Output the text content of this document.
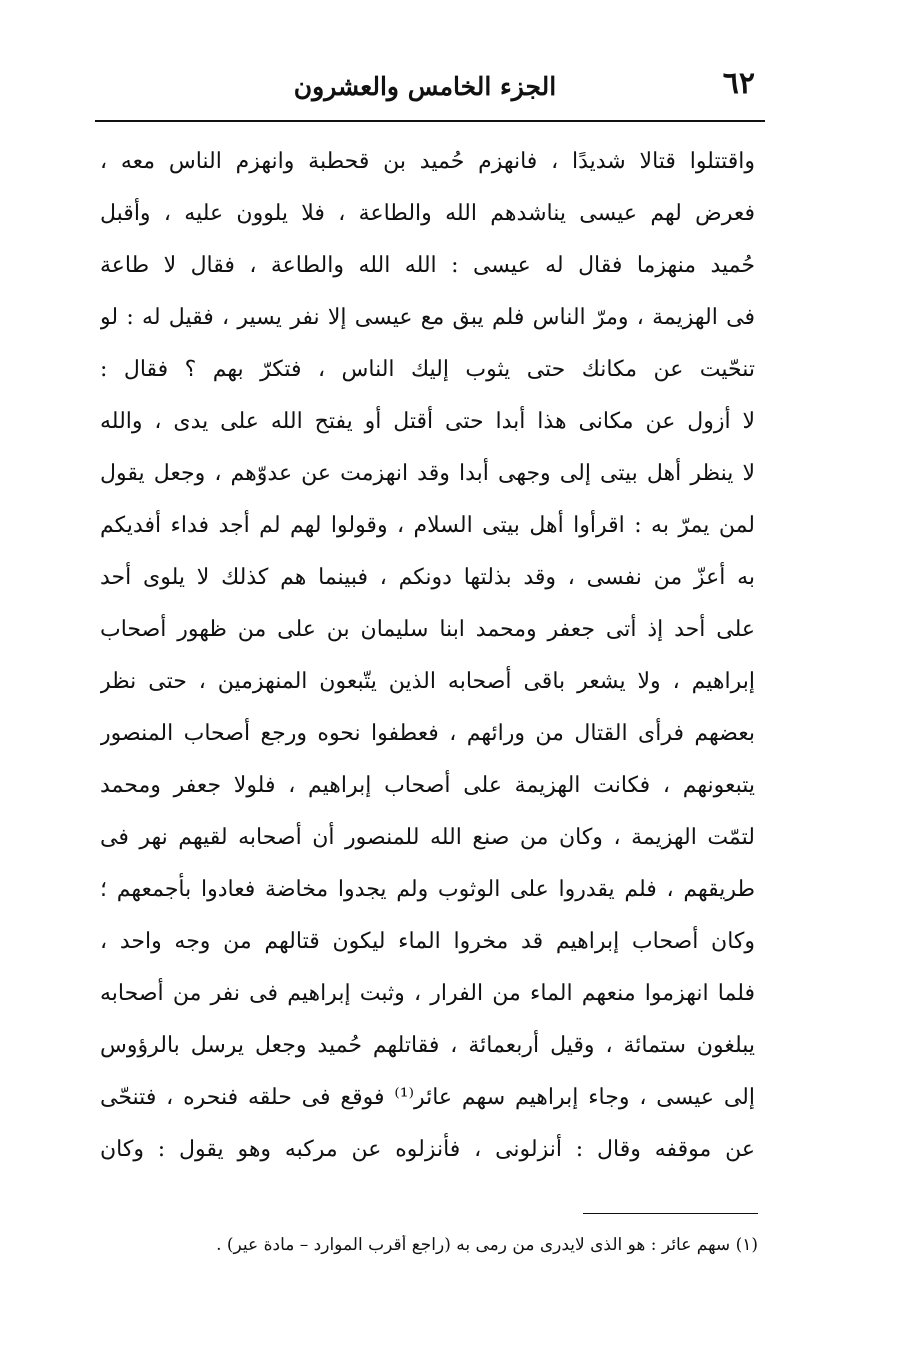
٦٢
الجزء الخامس والعشرون
واقتتلوا قتالا شديدًا ، فانهزم حُميد بن قحطبة وانهزم الناس معه ،
فعرض لهم عيسى يناشدهم الله والطاعة ، فلا يلوون عليه ، وأقبل
حُميد منهزما فقال له عيسى : الله الله والطاعة ، فقال لا طاعة
فى الهزيمة ، ومرّ الناس فلم يبق مع عيسى إلا نفر يسير ، فقيل له : لو
تنحّيت عن مكانك حتى يثوب إليك الناس ، فتكرّ بهم ؟ فقال :
لا أزول عن مكانى هذا أبدا حتى أقتل أو يفتح الله على يدى ، والله
لا ينظر أهل بيتى إلى وجهى أبدا وقد انهزمت عن عدوّهم ، وجعل يقول
لمن يمرّ به : اقرأوا أهل بيتى السلام ، وقولوا لهم لم أجد فداء أفديكم
به أعزّ من نفسى ، وقد بذلتها دونكم ، فبينما هم كذلك لا يلوى أحد
على أحد إذ أتى جعفر ومحمد ابنا سليمان بن على من ظهور أصحاب
إبراهيم ، ولا يشعر باقى أصحابه الذين يتّبعون المنهزمين ، حتى نظر
بعضهم فرأى القتال من ورائهم ، فعطفوا نحوه ورجع أصحاب المنصور
يتبعونهم ، فكانت الهزيمة على أصحاب إبراهيم ، فلولا جعفر ومحمد
لتمّت الهزيمة ، وكان من صنع الله للمنصور أن أصحابه لقيهم نهر فى
طريقهم ، فلم يقدروا على الوثوب ولم يجدوا مخاضة فعادوا بأجمعهم ؛
وكان أصحاب إبراهيم قد مخروا الماء ليكون قتالهم من وجه واحد ،
فلما انهزموا منعهم الماء من الفرار ، وثبت إبراهيم فى نفر من أصحابه
يبلغون ستمائة ، وقيل أربعمائة ، فقاتلهم حُميد وجعل يرسل بالرؤوس
إلى عيسى ، وجاء إبراهيم سهم عائر⁽¹⁾ فوقع فى حلقه فنحره ، فتنحّى
عن موقفه وقال : أنزلونى ، فأنزلوه عن مركبه وهو يقول : وكان
(١) سهم عائر : هو الذى لايدرى من رمى به (راجع أقرب الموارد – مادة عير) .
